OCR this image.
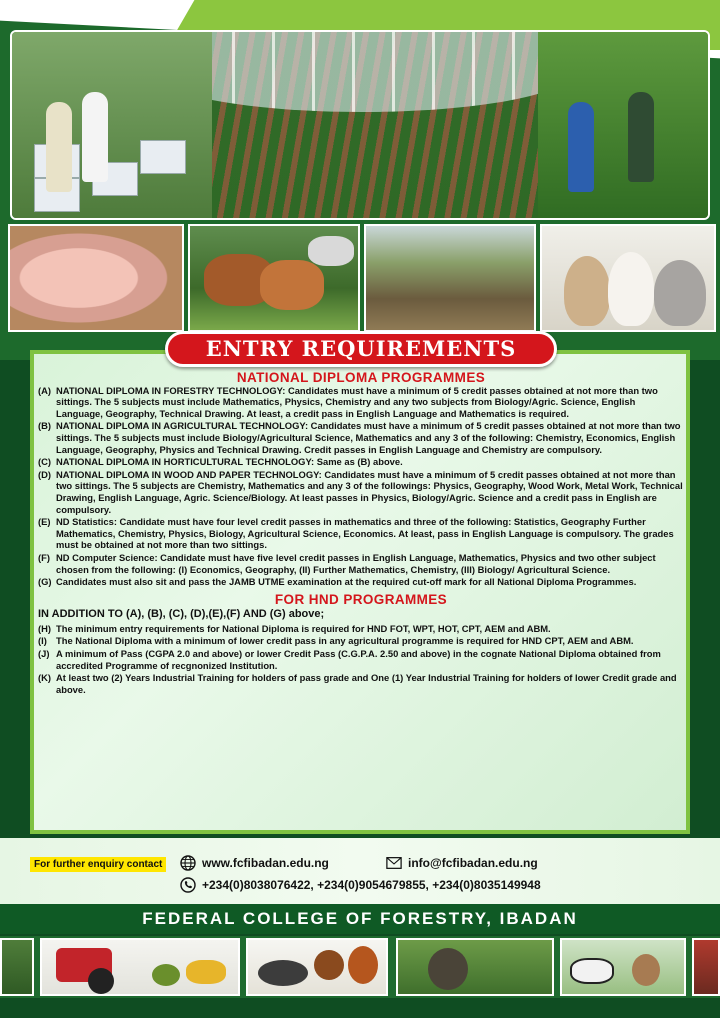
ENTRY REQUIREMENTS
NATIONAL DIPLOMA PROGRAMMES
(A) NATIONAL DIPLOMA IN FORESTRY TECHNOLOGY: Candidates must have a minimum of 5 credit passes obtained at not more than two sittings. The 5 subjects must include Mathematics, Physics, Chemistry and any two subjects from Biology/Agric. Science, English Language, Geography, Technical Drawing. At least, a credit pass in English Language and Mathematics is required.
(B) NATIONAL DIPLOMA IN AGRICULTURAL TECHNOLOGY: Candidates must have a minimum of 5 credit passes obtained at not more than two sittings. The 5 subjects must include Biology/Agricultural Science, Mathematics and any 3 of the following: Chemistry, Economics, English Language, Geography, Physics and Technical Drawing. Credit passes in English Language and Chemistry are compulsory.
(C) NATIONAL DIPLOMA IN HORTICULTURAL TECHNOLOGY: Same as (B) above.
(D) NATIONAL DIPLOMA IN WOOD AND PAPER TECHNOLOGY: Candidates must have a minimum of 5 credit passes obtained at not more than two sittings. The 5 subjects are Chemistry, Mathematics and any 3 of the followings: Physics, Geography, Wood Work, Metal Work, Technical Drawing, English Language, Agric. Science/Biology. At least passes in Physics, Biology/Agric. Science and a credit pass in English are compulsory.
(E) ND Statistics: Candidate must have four level credit passes in mathematics and three of the following: Statistics, Geography Further Mathematics, Chemistry, Physics, Biology, Agricultural Science, Economics. At least, pass in English Language is compulsory. The grades must be obtained at not more than two sittings.
(F) ND Computer Science: Candidate must have five level credit passes in English Language, Mathematics, Physics and two other subject chosen from the following: (I) Economics, Geography, (II) Further Mathematics, Chemistry, (III) Biology/ Agricultural Science.
(G) Candidates must also sit and pass the JAMB UTME examination at the required cut-off mark for all National Diploma Programmes.
FOR HND PROGRAMMES
IN ADDITION TO (A), (B), (C), (D),(E),(F) AND (G) above;
(H) The minimum entry requirements for National Diploma is required for HND FOT, WPT, HOT, CPT, AEM and ABM.
(I) The National Diploma with a minimum of lower credit pass in any agricultural programme is required for HND CPT, AEM and ABM.
(J) A minimum of Pass (CGPA 2.0 and above) or lower Credit Pass (C.G.P.A. 2.50 and above) in the cognate National Diploma obtained from accredited Programme of recgnonized Institution.
(K) At least two (2) Years Industrial Training for holders of pass grade and One (1) Year Industrial Training for holders of lower Credit grade and above.
For further enquiry contact	www.fcfibadan.edu.ng	info@fcfibadan.edu.ng
+234(0)8038076422, +234(0)9054679855, +234(0)8035149948
FEDERAL COLLEGE OF FORESTRY, IBADAN
